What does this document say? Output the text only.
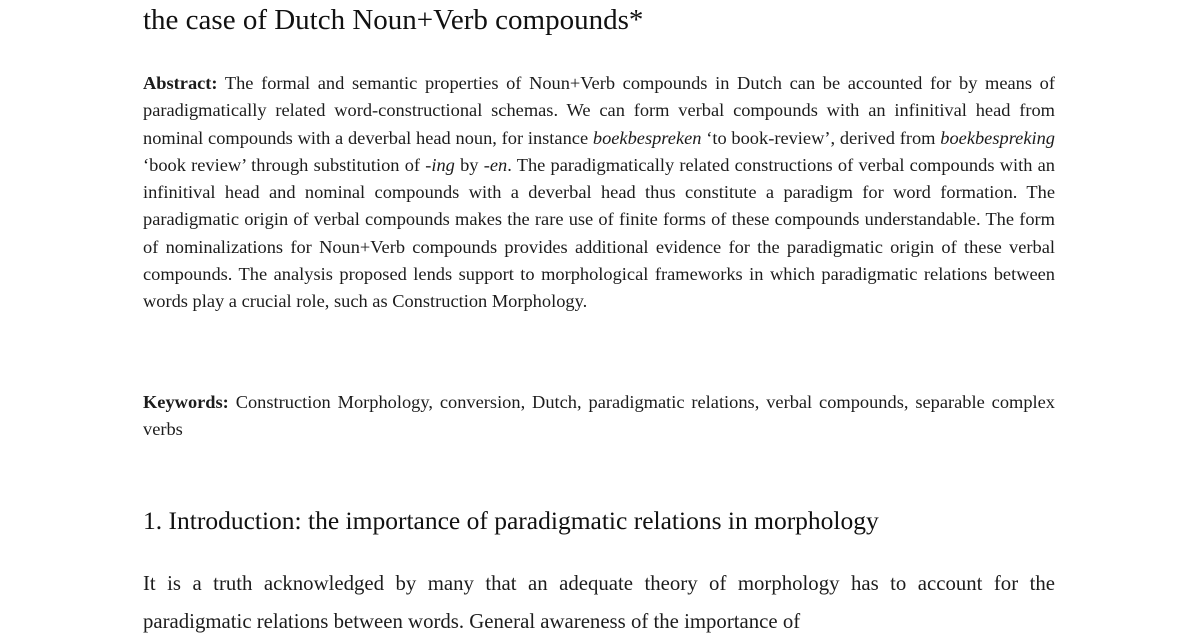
the case of Dutch Noun+Verb compounds*

Abstract: The formal and semantic properties of Noun+Verb compounds in Dutch can be accounted for by means of paradigmatically related word-constructional schemas. We can form verbal compounds with an infinitival head from nominal compounds with a deverbal head noun, for instance boekbespreken ‘to book-review’, derived from boekbespreking ‘book review’ through substitution of -ing by -en. The paradigmatically related constructions of verbal compounds with an infinitival head and nominal compounds with a deverbal head thus constitute a paradigm for word formation. The paradigmatic origin of verbal compounds makes the rare use of finite forms of these compounds understandable. The form of nominalizations for Noun+Verb compounds provides additional evidence for the paradigmatic origin of these verbal compounds. The analysis proposed lends support to morphological frameworks in which paradigmatic relations between words play a crucial role, such as Construction Morphology.

Keywords: Construction Morphology, conversion, Dutch, paradigmatic relations, verbal compounds, separable complex verbs

1. Introduction: the importance of paradigmatic relations in morphology

It is a truth acknowledged by many that an adequate theory of morphology has to account for the paradigmatic relations between words. General awareness of the importance of
